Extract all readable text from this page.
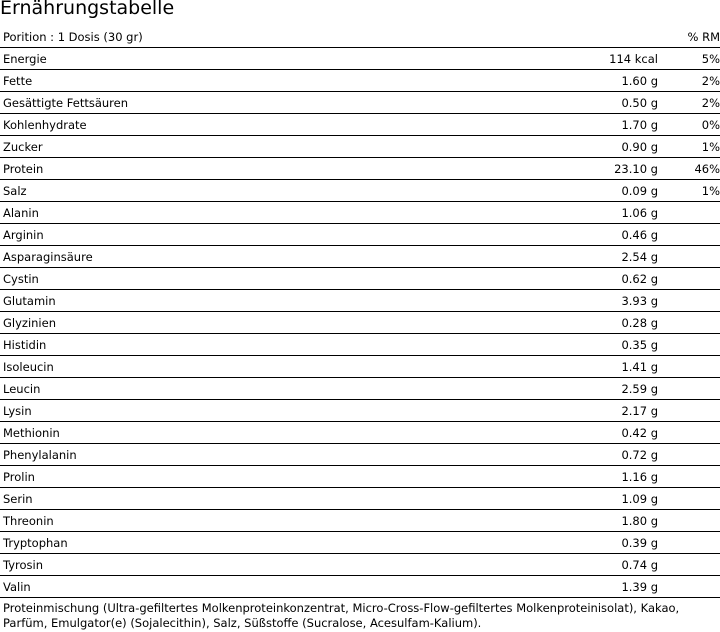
Ernährungstabelle
Porition : 1 Dosis (30 gr)	% RM
Energie	114 kcal	5%
Fette	1.60 g	2%
Gesättigte Fettsäuren	0.50 g	2%
Kohlenhydrate	1.70 g	0%
Zucker	0.90 g	1%
Protein	23.10 g	46%
Salz	0.09 g	1%
Alanin	1.06 g
Arginin	0.46 g
Asparaginsäure	2.54 g
Cystin	0.62 g
Glutamin	3.93 g
Glyzinien	0.28 g
Histidin	0.35 g
Isoleucin	1.41 g
Leucin	2.59 g
Lysin	2.17 g
Methionin	0.42 g
Phenylalanin	0.72 g
Prolin	1.16 g
Serin	1.09 g
Threonin	1.80 g
Tryptophan	0.39 g
Tyrosin	0.74 g
Valin	1.39 g
Proteinmischung (Ultra-gefiltertes Molkenproteinkonzentrat, Micro-Cross-Flow-gefiltertes Molkenproteinisolat), Kakao, Parfüm, Emulgator(e) (Sojalecithin), Salz, Süßstoffe (Sucralose, Acesulfam-Kalium).
